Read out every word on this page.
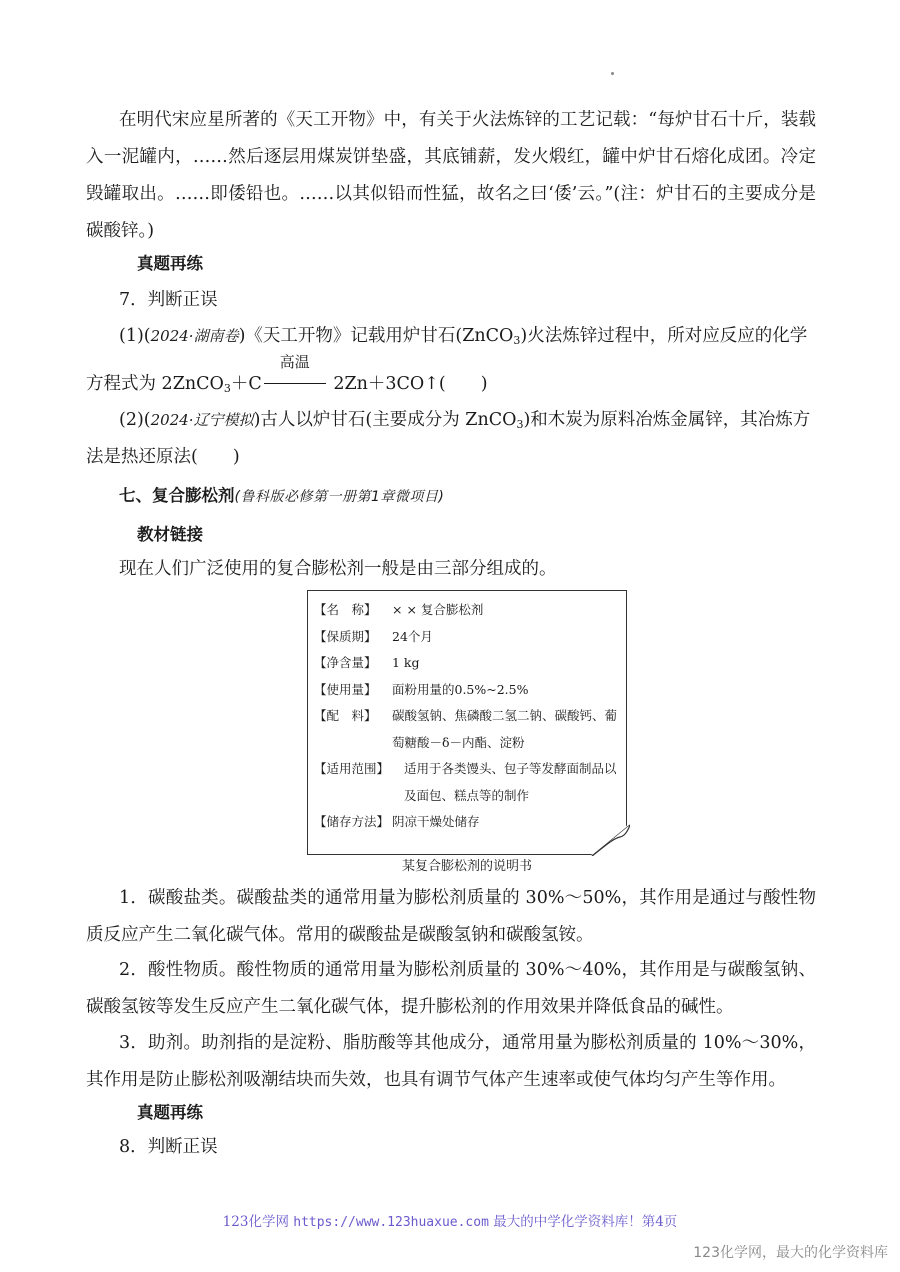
在明代宋应星所著的《天工开物》中，有关于火法炼锌的工艺记载：“每炉甘石十斤，装载入一泥罐内，……然后逐层用煤炭饼垫盛，其底铺薪，发火煅红，罐中炉甘石熔化成团。冷定毁罐取出。……即倭铅也。……以其似铅而性猛，故名之曰‘倭’云。”(注：炉甘石的主要成分是碳酸锌。)

真题再练
7．判断正误
(1)(2024·湖南卷)《天工开物》记载用炉甘石(ZnCO$_3$)火法炼锌过程中，所对应反应的化学
方程式为 2ZnCO$_3$＋C
高温
2Zn＋3CO↑(　　)
(2)(2024·辽宁模拟)古人以炉甘石(主要成分为 ZnCO$_3$)和木炭为原料冶炼金属锌，其冶炼方
法是热还原法(　　)
七、复合膨松剂(鲁科版必修第一册第1章微项目)
教材链接
现在人们广泛使用的复合膨松剂一般是由三部分组成的。
【名　称】	× × 复合膨松剂
【保质期】	24个月
【净含量】	1 kg
【使用量】	面粉用量的0.5%~2.5%
【配　料】	碳酸氢钠、焦磷酸二氢二钠、碳酸钙、葡萄糖酸－δ－内酯、淀粉
【适用范围】	适用于各类馒头、包子等发酵面制品以及面包、糕点等的制作
【储存方法】 阴凉干燥处储存
某复合膨松剂的说明书

1．碳酸盐类。碳酸盐类的通常用量为膨松剂质量的 30%～50%，其作用是通过与酸性物质反应产生二氧化碳气体。常用的碳酸盐是碳酸氢钠和碳酸氢铵。

2．酸性物质。酸性物质的通常用量为膨松剂质量的 30%～40%，其作用是与碳酸氢钠、碳酸氢铵等发生反应产生二氧化碳气体，提升膨松剂的作用效果并降低食品的碱性。

3．助剂。助剂指的是淀粉、脂肪酸等其他成分，通常用量为膨松剂质量的 10%～30%，其作用是防止膨松剂吸潮结块而失效，也具有调节气体产生速率或使气体均匀产生等作用。

真题再练
8．判断正误
123化学网 https://www.123huaxue.com 最大的中学化学资料库！第4页
123化学网，最大的化学资料库
